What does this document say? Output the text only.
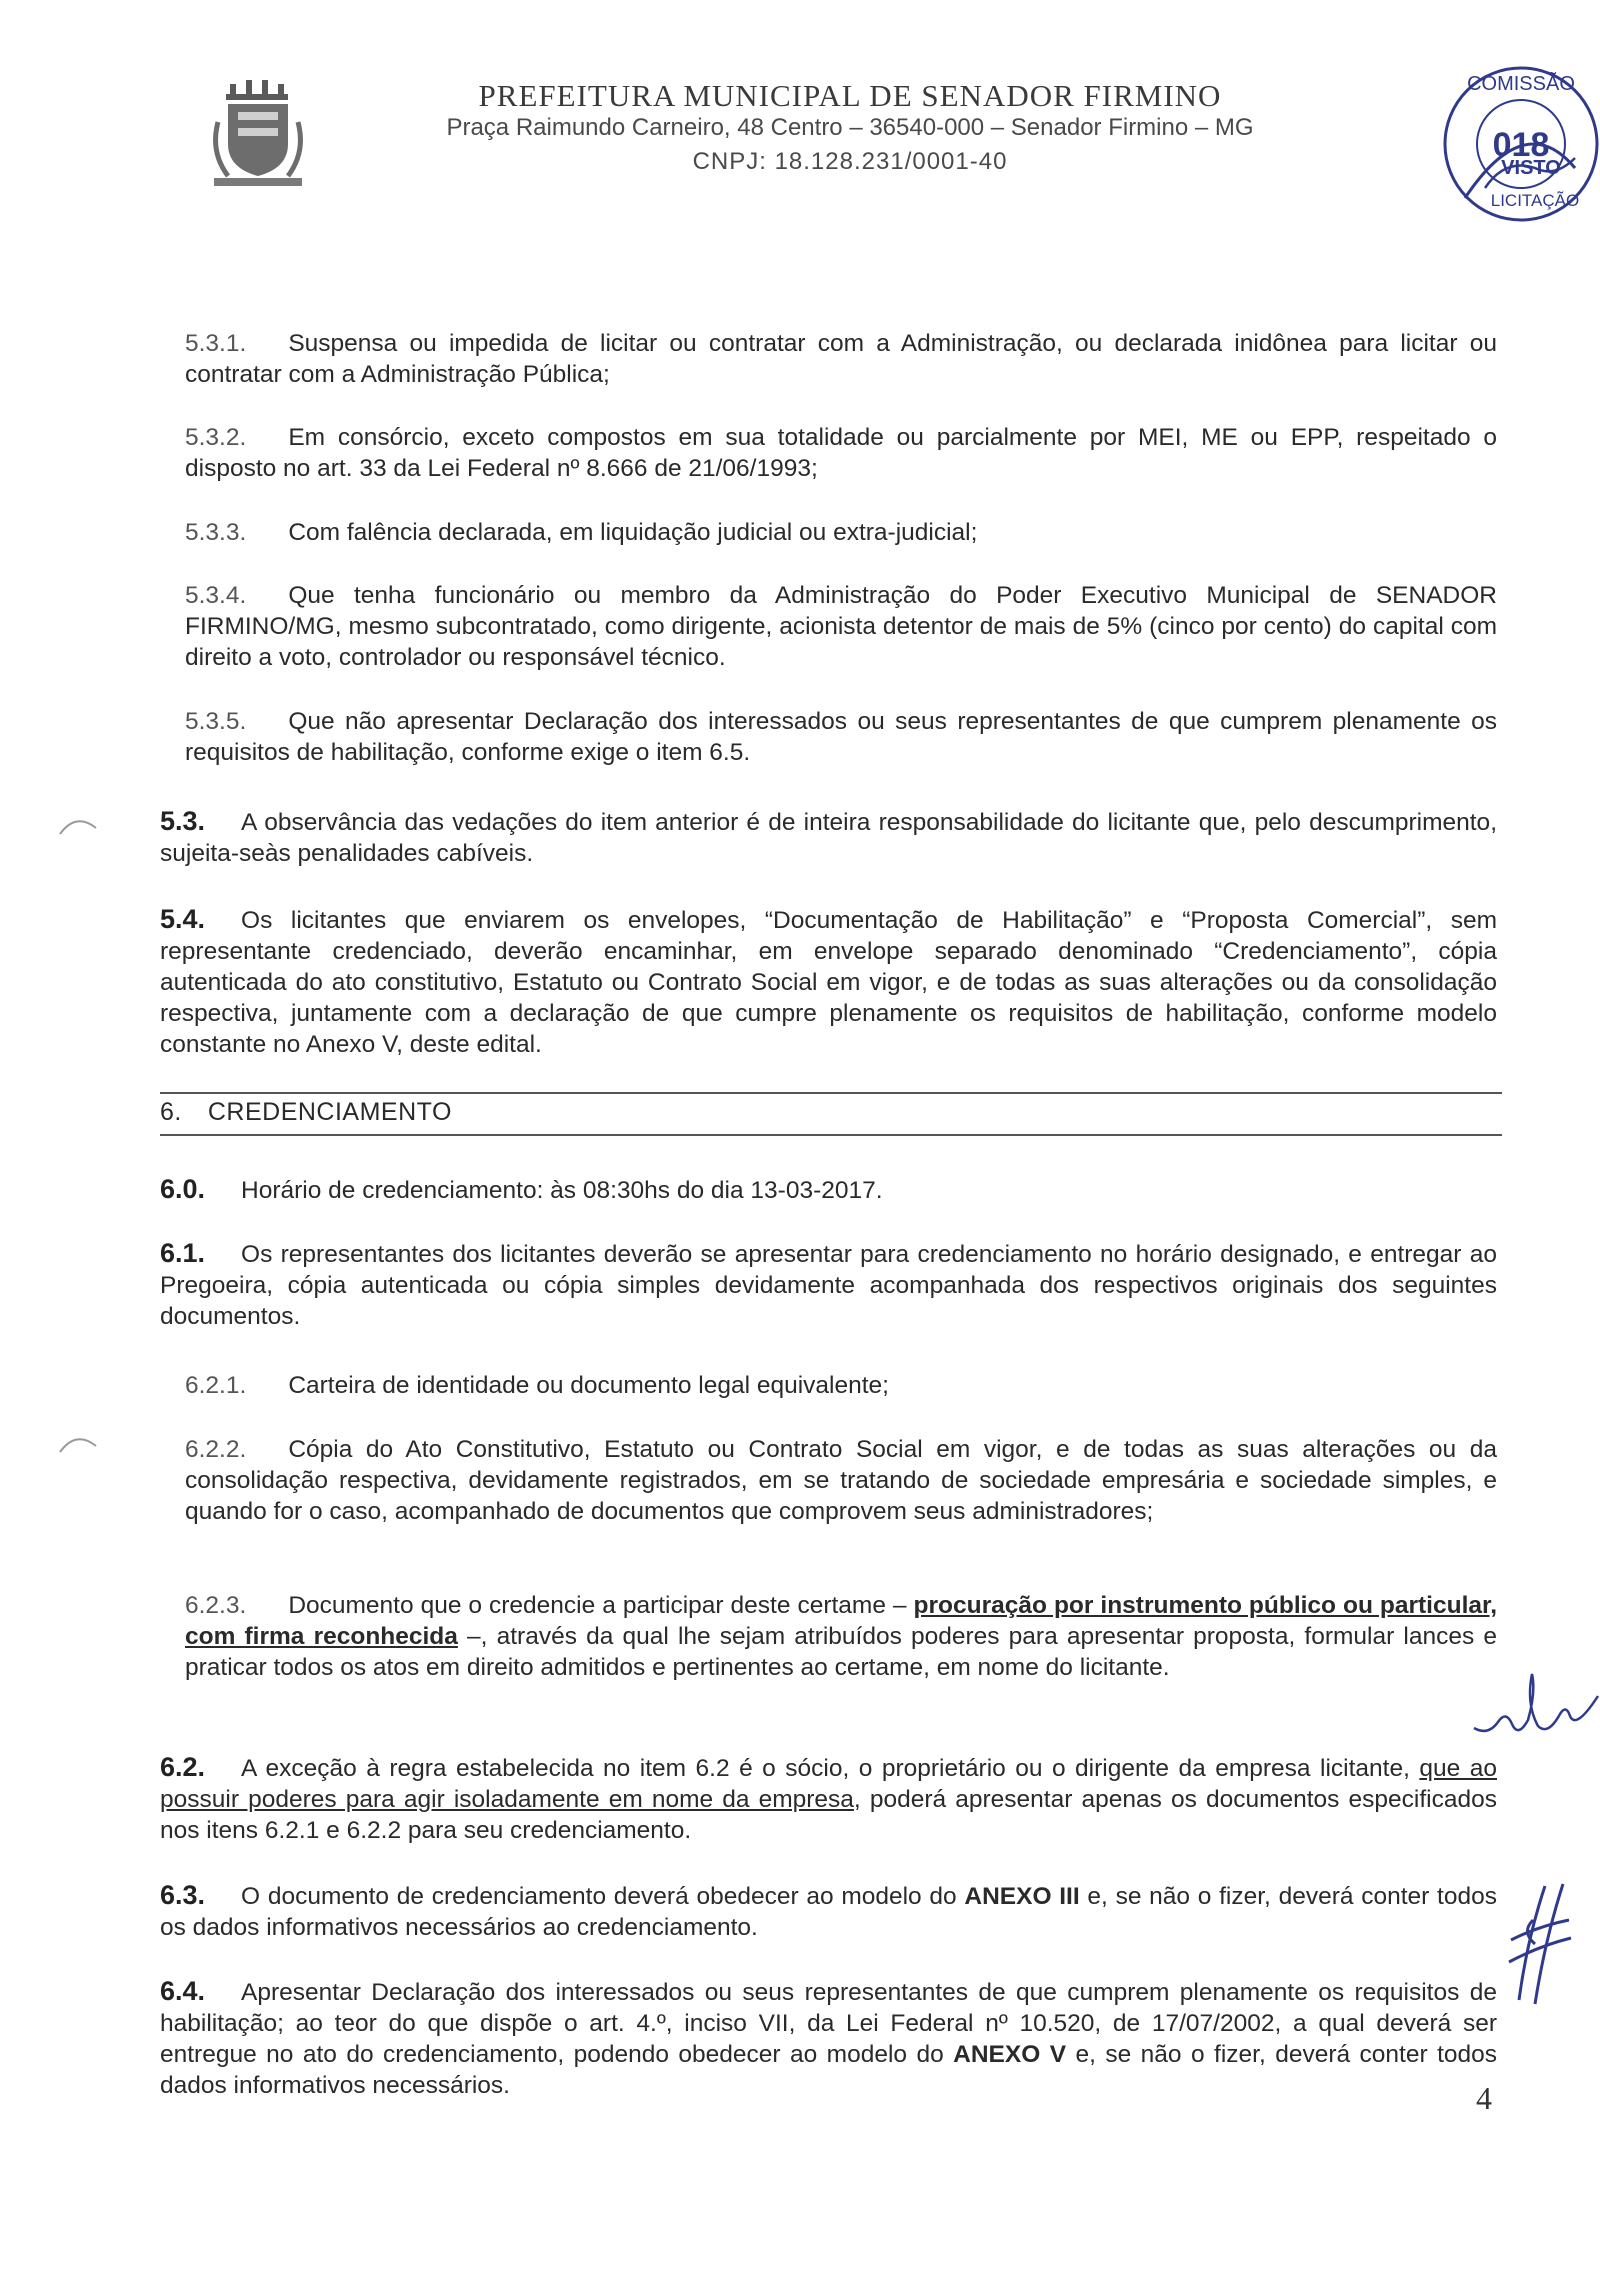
PREFEITURA MUNICIPAL DE SENADOR FIRMINO
Praça Raimundo Carneiro, 48 Centro – 36540-000 – Senador Firmino – MG
CNPJ: 18.128.231/0001-40
COMISSÃO
018
VISTO
LICITAÇÃO
5.3.1. Suspensa ou impedida de licitar ou contratar com a Administração, ou declarada inidônea para licitar ou contratar com a Administração Pública;
5.3.2. Em consórcio, exceto compostos em sua totalidade ou parcialmente por MEI, ME ou EPP, respeitado o disposto no art. 33 da Lei Federal nº 8.666 de 21/06/1993;
5.3.3. Com falência declarada, em liquidação judicial ou extra-judicial;
5.3.4. Que tenha funcionário ou membro da Administração do Poder Executivo Municipal de SENADOR FIRMINO/MG, mesmo subcontratado, como dirigente, acionista detentor de mais de 5% (cinco por cento) do capital com direito a voto, controlador ou responsável técnico.
5.3.5. Que não apresentar Declaração dos interessados ou seus representantes de que cumprem plenamente os requisitos de habilitação, conforme exige o item 6.5.
5.3. A observância das vedações do item anterior é de inteira responsabilidade do licitante que, pelo descumprimento, sujeita-seàs penalidades cabíveis.
5.4. Os licitantes que enviarem os envelopes, “Documentação de Habilitação” e “Proposta Comercial”, sem representante credenciado, deverão encaminhar, em envelope separado denominado “Credenciamento”, cópia autenticada do ato constitutivo, Estatuto ou Contrato Social em vigor, e de todas as suas alterações ou da consolidação respectiva, juntamente com a declaração de que cumpre plenamente os requisitos de habilitação, conforme modelo constante no Anexo V, deste edital.
6. CREDENCIAMENTO
6.0. Horário de credenciamento: às 08:30hs do dia 13-03-2017.
6.1. Os representantes dos licitantes deverão se apresentar para credenciamento no horário designado, e entregar ao Pregoeira, cópia autenticada ou cópia simples devidamente acompanhada dos respectivos originais dos seguintes documentos.
6.2.1. Carteira de identidade ou documento legal equivalente;
6.2.2. Cópia do Ato Constitutivo, Estatuto ou Contrato Social em vigor, e de todas as suas alterações ou da consolidação respectiva, devidamente registrados, em se tratando de sociedade empresária e sociedade simples, e quando for o caso, acompanhado de documentos que comprovem seus administradores;
6.2.3. Documento que o credencie a participar deste certame – procuração por instrumento público ou particular, com firma reconhecida –, através da qual lhe sejam atribuídos poderes para apresentar proposta, formular lances e praticar todos os atos em direito admitidos e pertinentes ao certame, em nome do licitante.
6.2. A exceção à regra estabelecida no item 6.2 é o sócio, o proprietário ou o dirigente da empresa licitante, que ao possuir poderes para agir isoladamente em nome da empresa, poderá apresentar apenas os documentos especificados nos itens 6.2.1 e 6.2.2 para seu credenciamento.
6.3. O documento de credenciamento deverá obedecer ao modelo do ANEXO III e, se não o fizer, deverá conter todos os dados informativos necessários ao credenciamento.
6.4. Apresentar Declaração dos interessados ou seus representantes de que cumprem plenamente os requisitos de habilitação; ao teor do que dispõe o art. 4.º, inciso VII, da Lei Federal nº 10.520, de 17/07/2002, a qual deverá ser entregue no ato do credenciamento, podendo obedecer ao modelo do ANEXO V e, se não o fizer, deverá conter todos dados informativos necessários.	4
